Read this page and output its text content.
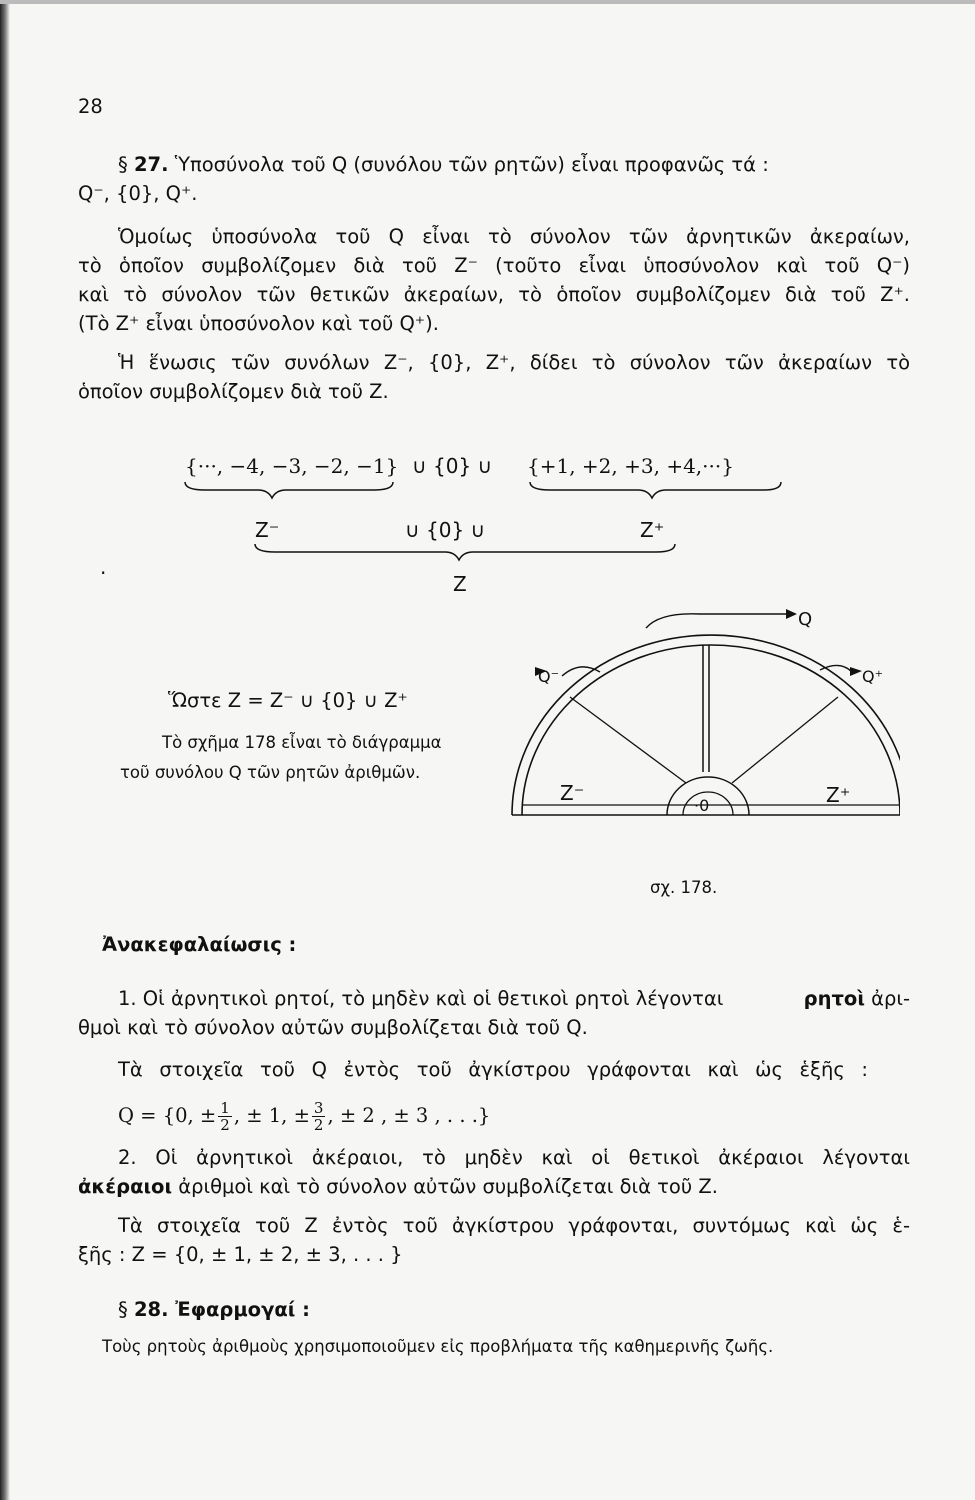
28
§ 27. Ὑποσύνολα τοῦ Q (συνόλου τῶν ρητῶν) εἶναι προφανῶς τά :
Q⁻, {0}, Q⁺.
Ὁμοίως ὑποσύνολα τοῦ Q εἶναι τὸ σύνολον τῶν ἀρνητικῶν ἀκεραίων,
τὸ ὁποῖον συμβολίζομεν διὰ τοῦ Z⁻ (τοῦτο εἶναι ὑποσύνολον καὶ τοῦ Q⁻)
καὶ τὸ σύνολον τῶν θετικῶν ἀκεραίων, τὸ ὁποῖον συμβολίζομεν διὰ τοῦ Z⁺.
(Τὸ Z⁺ εἶναι ὑποσύνολον καὶ τοῦ Q⁺).
Ἡ ἕνωσις τῶν συνόλων Z⁻, {0}, Z⁺, δίδει τὸ σύνολον τῶν ἀκεραίων τὸ
ὁποῖον συμβολίζομεν διὰ τοῦ Z.
{···, −4, −3, −2, −1} ∪ {0} ∪ {+1, +2, +3, +4,···}
Z⁻	∪ {0} ∪	Z⁺
·	Z
Ὥστε Z = Z⁻ ∪ {0} ∪ Z⁺
Τὸ σχῆμα 178 εἶναι τὸ διάγραμμα
τοῦ συνόλου Q τῶν ρητῶν ἀριθμῶν.
Q
Q⁻	Q⁺
Z⁻	Z⁺
·0
σχ. 178.
Ἀνακεφαλαίωσις :
1. Οἱ ἀρνητικοὶ ρητοί, τὸ μηδὲν καὶ οἱ θετικοὶ ρητοὶ λέγονται	ρητοὶ ἀρι-
θμοὶ καὶ τὸ σύνολον αὐτῶν συμβολίζεται διὰ τοῦ Q.
Τὰ στοιχεῖα τοῦ Q ἐντὸς τοῦ ἀγκίστρου γράφονται καὶ ὡς ἑξῆς :
Q = {0, ± $\frac{1}{2}$ , ± 1, ± $\frac{3}{2}$ , ± 2 , ± 3 , . . .}
2. Οἱ ἀρνητικοὶ ἀκέραιοι, τὸ μηδὲν καὶ οἱ θετικοὶ ἀκέραιοι λέγονται
ἀκέραιοι ἀριθμοὶ καὶ τὸ σύνολον αὐτῶν συμβολίζεται διὰ τοῦ Z.
Τὰ στοιχεῖα τοῦ Z ἐντὸς τοῦ ἀγκίστρου γράφονται, συντόμως καὶ ὡς ἑ-
ξῆς : Z = {0, ± 1, ± 2, ± 3, . . . }
§ 28. Ἐφαρμογαί :
Τοὺς ρητοὺς ἀριθμοὺς χρησιμοποιοῦμεν εἰς προβλήματα τῆς καθημερινῆς ζωῆς.
